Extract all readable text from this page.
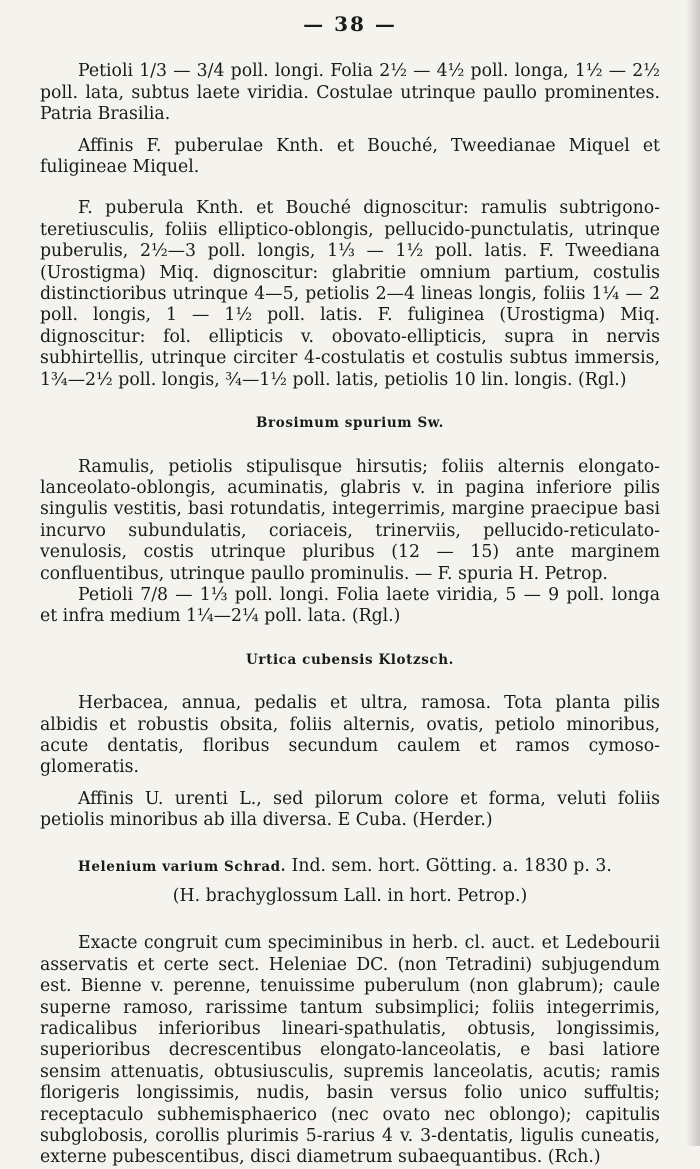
— 38 —

Petioli 1/3 — 3/4 poll. longi. Folia 2½ — 4½ poll. longa, 1½ — 2½ poll. lata, subtus laete viridia. Costulae utrinque paullo prominentes. Patria Brasilia.

Affinis F. puberulae Knth. et Bouché, Tweedianae Miquel et fuligineae Miquel.

F. puberula Knth. et Bouché dignoscitur: ramulis subtrigono-teretiusculis, foliis elliptico-oblongis, pellucido-punctulatis, utrinque puberulis, 2½—3 poll. longis, 1⅓ — 1½ poll. latis. F. Tweediana (Urostigma) Miq. dignoscitur: glabritie omnium partium, costulis distinctioribus utrinque 4—5, petiolis 2—4 lineas longis, foliis 1¼ — 2 poll. longis, 1 — 1½ poll. latis. F. fuliginea (Urostigma) Miq. dignoscitur: fol. ellipticis v. obovato-ellipticis, supra in nervis subhirtellis, utrinque circiter 4-costulatis et costulis subtus immersis, 1¾—2½ poll. longis, ¾—1½ poll. latis, petiolis 10 lin. longis. (Rgl.)

Brosimum spurium Sw.

Ramulis, petiolis stipulisque hirsutis; foliis alternis elongato-lanceolato-oblongis, acuminatis, glabris v. in pagina inferiore pilis singulis vestitis, basi rotundatis, integerrimis, margine praecipue basi incurvo subundulatis, coriaceis, trinerviis, pellucido-reticulato-venulosis, costis utrinque pluribus (12 — 15) ante marginem confluentibus, utrinque paullo prominulis. — F. spuria H. Petrop.

Petioli 7/8 — 1⅓ poll. longi. Folia laete viridia, 5 — 9 poll. longa et infra medium 1¼—2¼ poll. lata. (Rgl.)

Urtica cubensis Klotzsch.

Herbacea, annua, pedalis et ultra, ramosa. Tota planta pilis albidis et robustis obsita, foliis alternis, ovatis, petiolo minoribus, acute dentatis, floribus secundum caulem et ramos cymoso-glomeratis.

Affinis U. urenti L., sed pilorum colore et forma, veluti foliis petiolis minoribus ab illa diversa. E Cuba. (Herder.)

Helenium varium Schrad. Ind. sem. hort. Götting. a. 1830 p. 3.

(H. brachyglossum Lall. in hort. Petrop.)

Exacte congruit cum speciminibus in herb. cl. auct. et Ledebourii asservatis et certe sect. Heleniae DC. (non Tetradini) subjugendum est. Bienne v. perenne, tenuissime puberulum (non glabrum); caule superne ramoso, rarissime tantum subsimplici; foliis integerrimis, radicalibus inferioribus lineari-spathulatis, obtusis, longissimis, superioribus decrescentibus elongato-lanceolatis, e basi latiore sensim attenuatis, obtusiusculis, supremis lanceolatis, acutis; ramis florigeris longissimis, nudis, basin versus folio unico suffultis; receptaculo subhemisphaerico (nec ovato nec oblongo); capitulis subglobosis, corollis plurimis 5-rarius 4 v. 3-dentatis, ligulis cuneatis, externe pubescentibus, disci diametrum subaequantibus. (Rch.)
